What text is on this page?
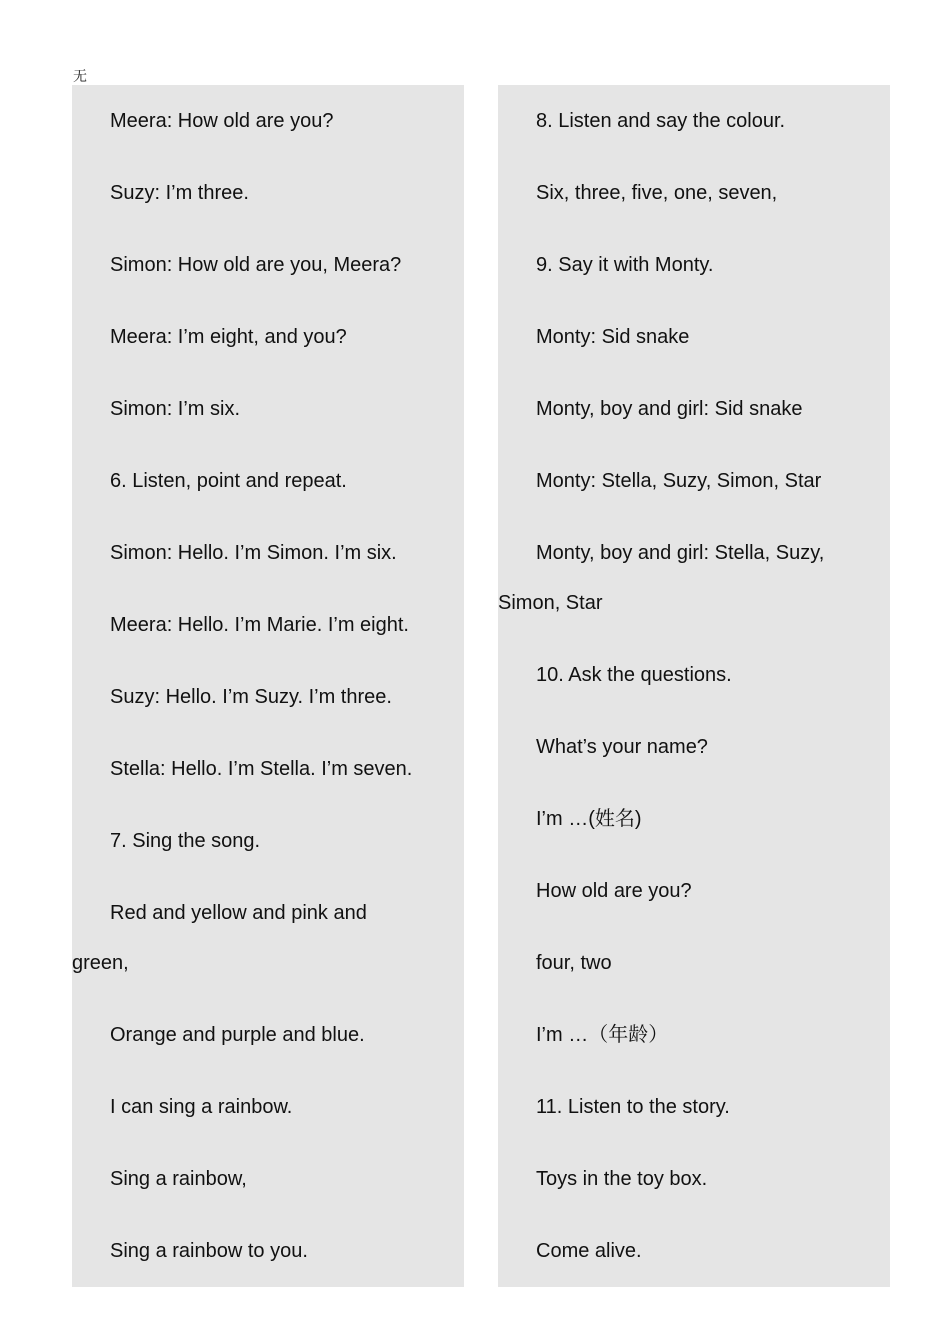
无

Meera: How old are you?

Suzy: I’m three.

Simon: How old are you, Meera?

Meera: I’m eight, and you?

Simon: I’m six.

6. Listen, point and repeat.

Simon: Hello. I’m Simon. I’m six.

Meera: Hello. I’m Marie. I’m eight.

Suzy: Hello. I’m Suzy. I’m three.

Stella: Hello. I’m Stella. I’m seven.

7. Sing the song.

Red and yellow and pink and
green,

Orange and purple and blue.

I can sing a rainbow.

Sing a rainbow,

Sing a rainbow to you.

8. Listen and say the colour.

Six, three, five, one, seven,

9. Say it with Monty.

Monty: Sid snake

Monty, boy and girl: Sid snake

Monty: Stella, Suzy, Simon, Star

Monty, boy and girl: Stella, Suzy,
Simon, Star

10. Ask the questions.

What’s your name?

I’m …(姓名)

How old are you?

four, two

I’m …（年龄）

11. Listen to the story.

Toys in the toy box.

Come alive.
